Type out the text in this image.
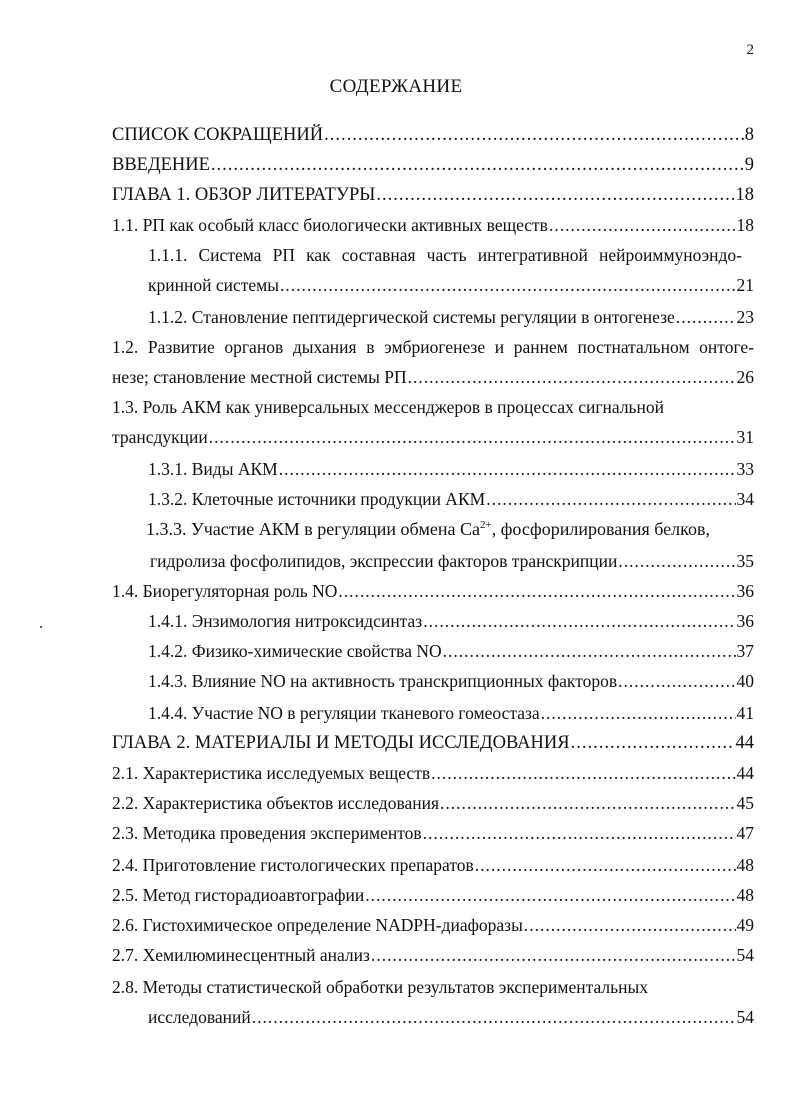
2
СОДЕРЖАНИЕ
СПИСОК СОКРАЩЕНИЙ .....	8
ВВЕДЕНИЕ .....	9
ГЛАВА 1. ОБЗОР ЛИТЕРАТУРЫ .....	18
1.1. РП как особый класс биологически активных веществ .....	18
1.1.1. Система РП как составная часть интегративной нейроиммуноэндо-
кринной системы .....	21
1.1.2. Становление пептидергической системы регуляции в онтогенезе .....	23
1.2. Развитие органов дыхания в эмбриогенезе и раннем постнатальном онтоге-
незе; становление местной системы РП .....	26
1.3. Роль АКМ как универсальных мессенджеров в процессах сигнальной
трансдукции .....	31
1.3.1. Виды АКМ .....	33
1.3.2. Клеточные источники продукции АКМ .....	34
1.3.3. Участие АКМ в регуляции обмена $Ca^{2+}$, фосфорилирования белков,
гидролиза фосфолипидов, экспрессии факторов транскрипции .....	35
1.4. Биорегуляторная роль NO .....	36
1.4.1. Энзимология нитроксидсинтаз .....	36
1.4.2. Физико-химические свойства NO .....	37
1.4.3. Влияние NO на активность транскрипционных факторов .....	40
1.4.4. Участие NO в регуляции тканевого гомеостаза .....	41
ГЛАВА 2. МАТЕРИАЛЫ И МЕТОДЫ ИССЛЕДОВАНИЯ .....	44
2.1. Характеристика исследуемых веществ .....	44
2.2. Характеристика объектов исследования .....	45
2.3. Методика проведения экспериментов .....	47
2.4. Приготовление гистологических препаратов .....	48
2.5. Метод гисторадиоавтографии .....	48
2.6. Гистохимическое определение NADPH-диафоразы .....	49
2.7. Хемилюминесцентный анализ .....	54
2.8. Методы статистической обработки результатов экспериментальных
исследований .....	54
